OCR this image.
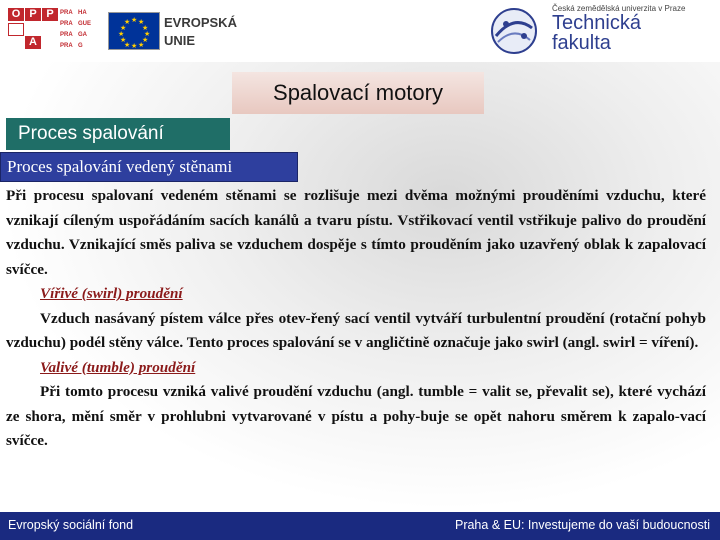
O P P
A
PRA HA
PRA GUE
PRA GA
PRA G
★ ★
★
★
★
★
★
★
★
★
★
★	EVROPSKÁ
UNIE
Česká zemědělská univerzita v Praze
Technická
fakulta
Spalovací motory
Proces spalování
Proces spalování vedený stěnami

Při procesu spalovaní vedeném stěnami se rozlišuje mezi dvěma možnými prouděními vzduchu, které vznikají cíleným uspořádáním sacích kanálů a tvaru pístu. Vstřikovací ventil vstřikuje palivo do proudění vzduchu. Vznikající směs paliva se vzduchem dospěje s tímto prouděním jako uzavřený oblak k zapalovací svíčce.

Vířivé (swirl) proudění

Vzduch nasávaný pístem válce přes otev-řený sací ventil vytváří turbulentní proudění (rotační pohyb vzduchu) podél stěny válce. Tento proces spalování se v angličtině označuje jako swirl (angl. swirl = víření).

Valivé (tumble) proudění

Při tomto procesu vzniká valivé proudění vzduchu (angl. tumble = valit se, převalit se), které vychází ze shora, mění směr v prohlubni vytvarované v pístu a pohy-buje se opět nahoru směrem k zapalo-vací svíčce.

Evropský sociální fond	Praha & EU: Investujeme do vaší budoucnosti
